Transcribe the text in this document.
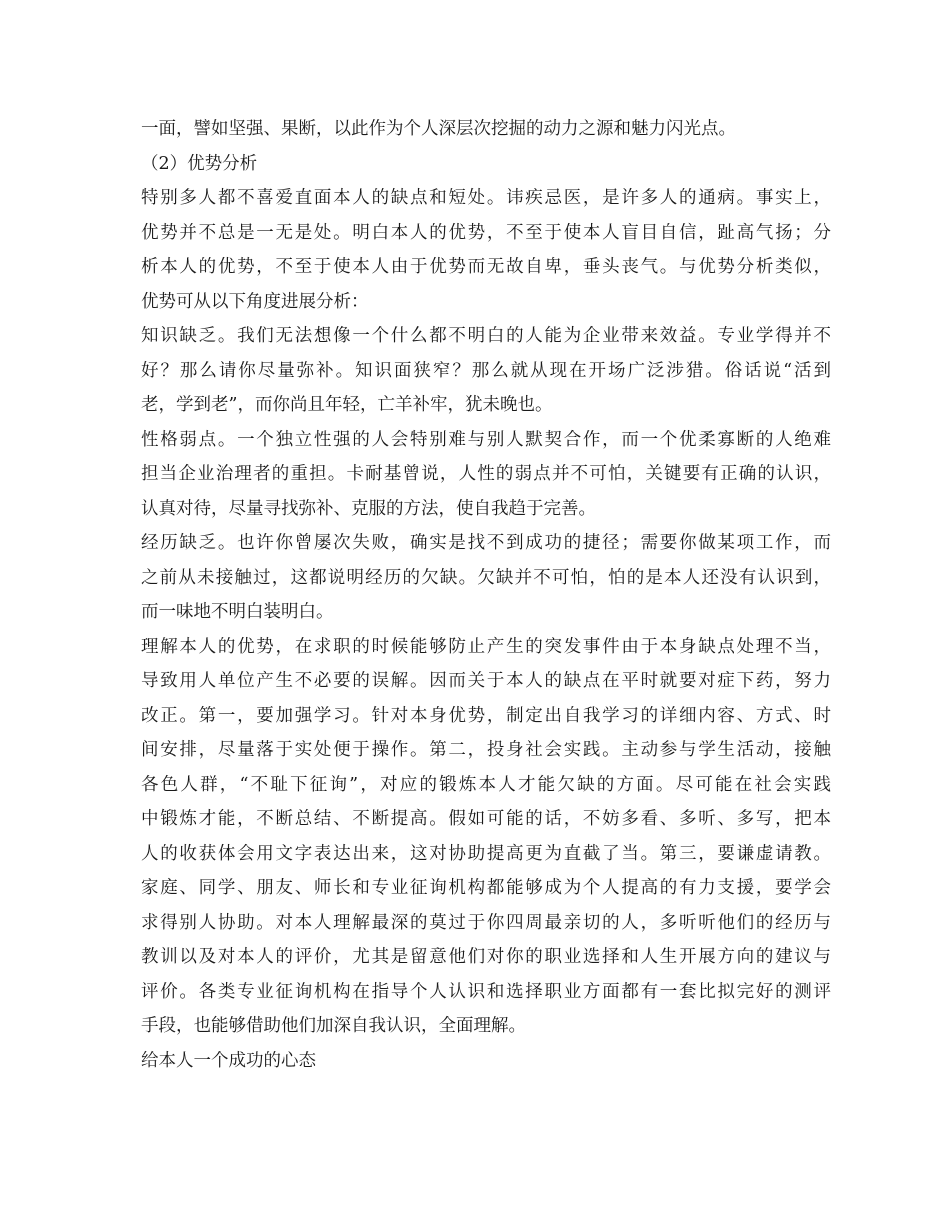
一面，譬如坚强、果断，以此作为个人深层次挖掘的动力之源和魅力闪光点。
（2）优势分析
特别多人都不喜爱直面本人的缺点和短处。讳疾忌医，是许多人的通病。事实上，
优势并不总是一无是处。明白本人的优势，不至于使本人盲目自信，趾高气扬；分
析本人的优势，不至于使本人由于优势而无故自卑，垂头丧气。与优势分析类似，
优势可从以下角度进展分析：
知识缺乏。我们无法想像一个什么都不明白的人能为企业带来效益。专业学得并不
好？那么请你尽量弥补。知识面狭窄？那么就从现在开场广泛涉猎。俗话说“活到
老，学到老”，而你尚且年轻，亡羊补牢，犹未晚也。
性格弱点。一个独立性强的人会特别难与别人默契合作，而一个优柔寡断的人绝难
担当企业治理者的重担。卡耐基曾说，人性的弱点并不可怕，关键要有正确的认识，
认真对待，尽量寻找弥补、克服的方法，使自我趋于完善。
经历缺乏。也许你曾屡次失败，确实是找不到成功的捷径；需要你做某项工作，而
之前从未接触过，这都说明经历的欠缺。欠缺并不可怕，怕的是本人还没有认识到，
而一味地不明白装明白。
理解本人的优势，在求职的时候能够防止产生的突发事件由于本身缺点处理不当，
导致用人单位产生不必要的误解。因而关于本人的缺点在平时就要对症下药，努力
改正。第一，要加强学习。针对本身优势，制定出自我学习的详细内容、方式、时
间安排，尽量落于实处便于操作。第二，投身社会实践。主动参与学生活动，接触
各色人群，“不耻下征询”，对应的锻炼本人才能欠缺的方面。尽可能在社会实践
中锻炼才能，不断总结、不断提高。假如可能的话，不妨多看、多听、多写，把本
人的收获体会用文字表达出来，这对协助提高更为直截了当。第三，要谦虚请教。
家庭、同学、朋友、师长和专业征询机构都能够成为个人提高的有力支援，要学会
求得别人协助。对本人理解最深的莫过于你四周最亲切的人，多听听他们的经历与
教训以及对本人的评价，尤其是留意他们对你的职业选择和人生开展方向的建议与
评价。各类专业征询机构在指导个人认识和选择职业方面都有一套比拟完好的测评
手段，也能够借助他们加深自我认识，全面理解。
给本人一个成功的心态
